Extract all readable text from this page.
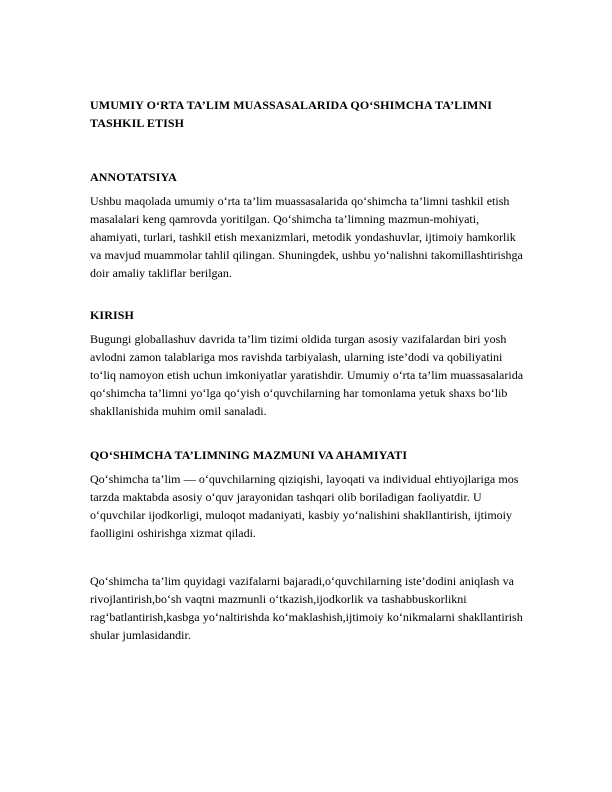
UMUMIY O‘RTA TA’LIM MUASSASALARIDA QO‘SHIMCHA TA’LIMNI
TASHKIL ETISH
ANNOTATSIYA

Ushbu maqolada umumiy o‘rta ta’lim muassasalarida qo‘shimcha ta’limni tashkil etish
masalalari keng qamrovda yoritilgan. Qo‘shimcha ta’limning mazmun-mohiyati,
ahamiyati, turlari, tashkil etish mexanizmlari, metodik yondashuvlar, ijtimoiy hamkorlik
va mavjud muammolar tahlil qilingan. Shuningdek, ushbu yo‘nalishni takomillashtirishga
doir amaliy takliflar berilgan.

KIRISH

Bugungi globallashuv davrida ta’lim tizimi oldida turgan asosiy vazifalardan biri yosh
avlodni zamon talablariga mos ravishda tarbiyalash, ularning iste’dodi va qobiliyatini
to‘liq namoyon etish uchun imkoniyatlar yaratishdir. Umumiy o‘rta ta’lim muassasalarida
qo‘shimcha ta’limni yo‘lga qo‘yish o‘quvchilarning har tomonlama yetuk shaxs bo‘lib
shakllanishida muhim omil sanaladi.

QO‘SHIMCHA TA’LIMNING MAZMUNI VA AHAMIYATI

Qo‘shimcha ta’lim — o‘quvchilarning qiziqishi, layoqati va individual ehtiyojlariga mos
tarzda maktabda asosiy o‘quv jarayonidan tashqari olib boriladigan faoliyatdir. U
o‘quvchilar ijodkorligi, muloqot madaniyati, kasbiy yo‘nalishini shakllantirish, ijtimoiy
faolligini oshirishga xizmat qiladi.

Qo‘shimcha ta’lim quyidagi vazifalarni bajaradi,o‘quvchilarning iste’dodini aniqlash va
rivojlantirish,bo‘sh vaqtni mazmunli o‘tkazish,ijodkorlik va tashabbuskorlikni
rag‘batlantirish,kasbga yo‘naltirishda ko‘maklashish,ijtimoiy ko‘nikmalarni shakllantirish
shular jumlasidandir.
